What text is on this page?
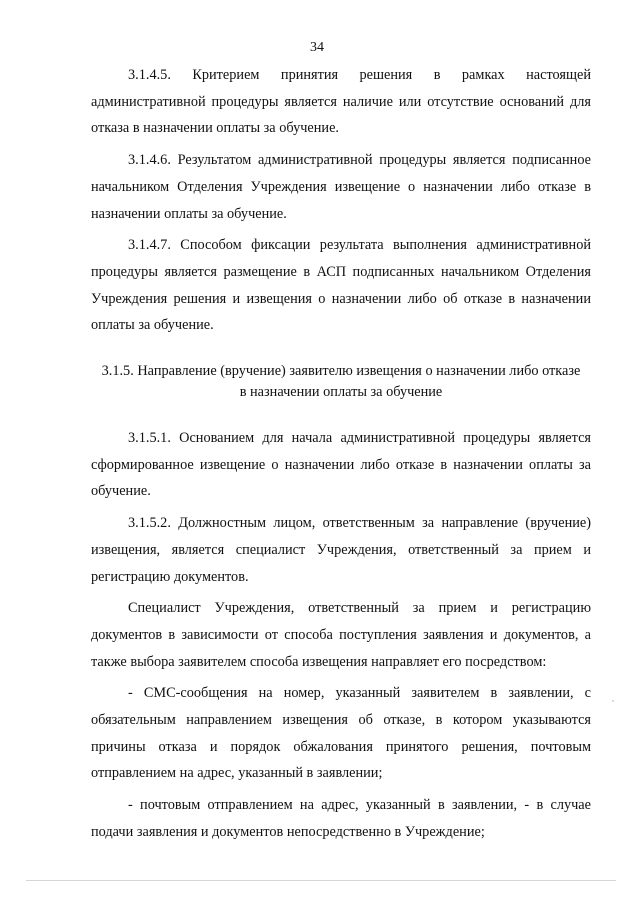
34

3.1.4.5. Критерием принятия решения в рамках настоящей административной процедуры является наличие или отсутствие оснований для отказа в назначении оплаты за обучение.

3.1.4.6. Результатом административной процедуры является подписанное начальником Отделения Учреждения извещение о назначении либо отказе в назначении оплаты за обучение.

3.1.4.7. Способом фиксации результата выполнения административной процедуры является размещение в АСП подписанных начальником Отделения Учреждения решения и извещения о назначении либо об отказе в назначении оплаты за обучение.

3.1.5. Направление (вручение) заявителю извещения о назначении либо отказе в назначении оплаты за обучение

3.1.5.1. Основанием для начала административной процедуры является сформированное извещение о назначении либо отказе в назначении оплаты за обучение.

3.1.5.2. Должностным лицом, ответственным за направление (вручение) извещения, является специалист Учреждения, ответственный за прием и регистрацию документов.

Специалист Учреждения, ответственный за прием и регистрацию документов в зависимости от способа поступления заявления и документов, а также выбора заявителем способа извещения направляет его посредством:

- СМС-сообщения на номер, указанный заявителем в заявлении, с обязательным направлением извещения об отказе, в котором указываются причины отказа и порядок обжалования принятого решения, почтовым отправлением на адрес, указанный в заявлении;

- почтовым отправлением на адрес, указанный в заявлении, - в случае подачи заявления и документов непосредственно в Учреждение;
